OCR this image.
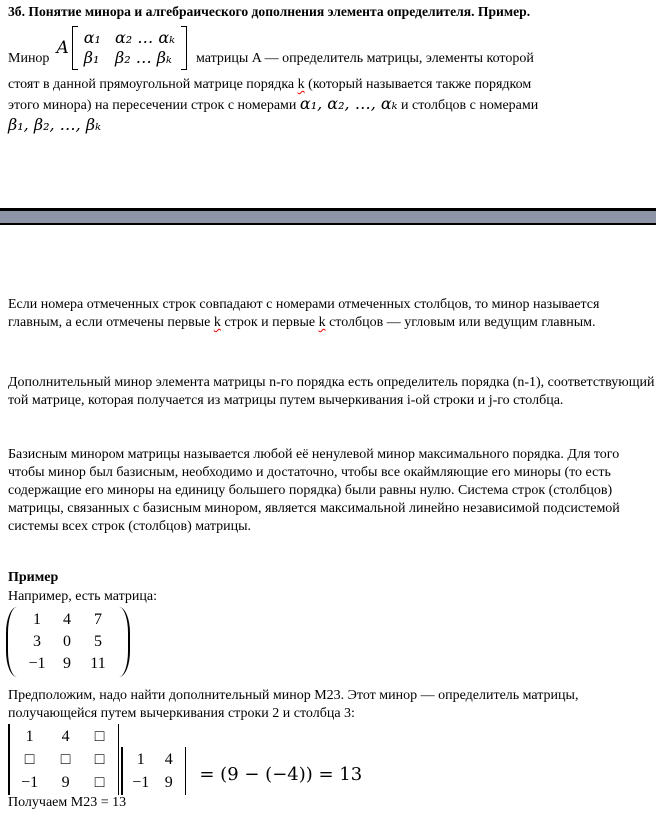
3б. Понятие минора и алгебраического дополнения элемента определителя. Пример.
Минор
A
α₁ α₂ … αₖ
β₁ β₂ … βₖ матрицы A — определитель матрицы, элементы которой
стоят в данной прямоугольной матрице порядка k (который называется также порядком
этого минора) на пересечении строк с номерами α₁, α₂, …, αₖ и столбцов с номерами
β₁, β₂, …, βₖ
Если номера отмеченных строк совпадают с номерами отмеченных столбцов, то минор называется главным, а если отмечены первые k строк и первые k столбцов — угловым или ведущим главным.
Дополнительный минор элемента матрицы n-го порядка есть определитель порядка (n-1), соответствующий той матрице, которая получается из матрицы путем вычеркивания i-ой строки и j-го столбца.
Базисным минором матрицы называется любой её ненулевой минор максимального порядка. Для того чтобы минор был базисным, необходимо и достаточно, чтобы все окаймляющие его миноры (то есть содержащие его миноры на единицу большего порядка) были равны нулю. Система строк (столбцов) матрицы, связанных с базисным минором, является максимальной линейно независимой подсистемой системы всех строк (столбцов) матрицы.
Пример
Например, есть матрица:
1 4 7
3 0 5
−1 9 11
Предположим, надо найти дополнительный минор M23. Этот минор — определитель матрицы, получающейся путем вычеркивания строки 2 и столбца 3:
1 4 □
□ □ □
−1 9 □
1 4
−1 9 = (9 − (−4)) = 13
Получаем M23 = 13
